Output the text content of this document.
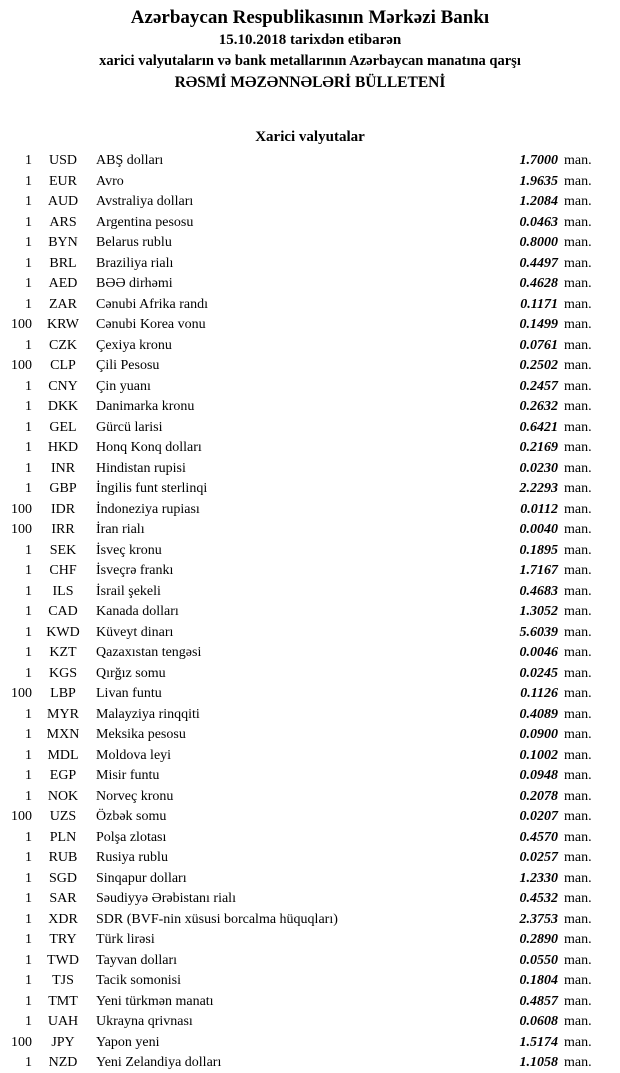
Azərbaycan Respublikasının Mərkəzi Bankı
15.10.2018 tarixdən etibarən
xarici valyutaların və bank metallarının Azərbaycan manatına qarşı
RƏSMİ MƏZƏNNƏLƏRİ BÜLLETENİ
Xarici valyutalar
1	USD	ABŞ dolları	1.7000 man.
1	EUR	Avro	1.9635 man.
1	AUD	Avstraliya dolları	1.2084 man.
1	ARS	Argentina pesosu	0.0463 man.
1	BYN	Belarus rublu	0.8000 man.
1	BRL	Braziliya rialı	0.4497 man.
1	AED	BƏƏ dirhəmi	0.4628 man.
1	ZAR	Cənubi Afrika randı	0.1171 man.
100	KRW	Cənubi Korea vonu	0.1499 man.
1	CZK	Çexiya kronu	0.0761 man.
100	CLP	Çili Pesosu	0.2502 man.
1	CNY	Çin yuanı	0.2457 man.
1	DKK	Danimarka kronu	0.2632 man.
1	GEL	Gürcü larisi	0.6421 man.
1	HKD	Honq Konq dolları	0.2169 man.
1	INR	Hindistan rupisi	0.0230 man.
1	GBP	İngilis funt sterlinqi	2.2293 man.
100	IDR	İndoneziya rupiası	0.0112 man.
100	IRR	İran rialı	0.0040 man.
1	SEK	İsveç kronu	0.1895 man.
1	CHF	İsveçrə frankı	1.7167 man.
1	ILS	İsrail şekeli	0.4683 man.
1	CAD	Kanada dolları	1.3052 man.
1	KWD	Küveyt dinarı	5.6039 man.
1	KZT	Qazaxıstan tengəsi	0.0046 man.
1	KGS	Qırğız somu	0.0245 man.
100	LBP	Livan funtu	0.1126 man.
1	MYR	Malayziya rinqqiti	0.4089 man.
1	MXN	Meksika pesosu	0.0900 man.
1	MDL	Moldova leyi	0.1002 man.
1	EGP	Misir funtu	0.0948 man.
1	NOK	Norveç kronu	0.2078 man.
100	UZS	Özbək somu	0.0207 man.
1	PLN	Polşa zlotası	0.4570 man.
1	RUB	Rusiya rublu	0.0257 man.
1	SGD	Sinqapur dolları	1.2330 man.
1	SAR	Səudiyyə Ərəbistanı rialı	0.4532 man.
1	XDR	SDR (BVF-nin xüsusi borcalma hüquqları)	2.3753 man.
1	TRY	Türk lirəsi	0.2890 man.
1	TWD	Tayvan dolları	0.0550 man.
1	TJS	Tacik somonisi	0.1804 man.
1	TMT	Yeni türkmən manatı	0.4857 man.
1	UAH	Ukrayna qrivnası	0.0608 man.
100	JPY	Yapon yeni	1.5174 man.
1	NZD	Yeni Zelandiya dolları	1.1058 man.
